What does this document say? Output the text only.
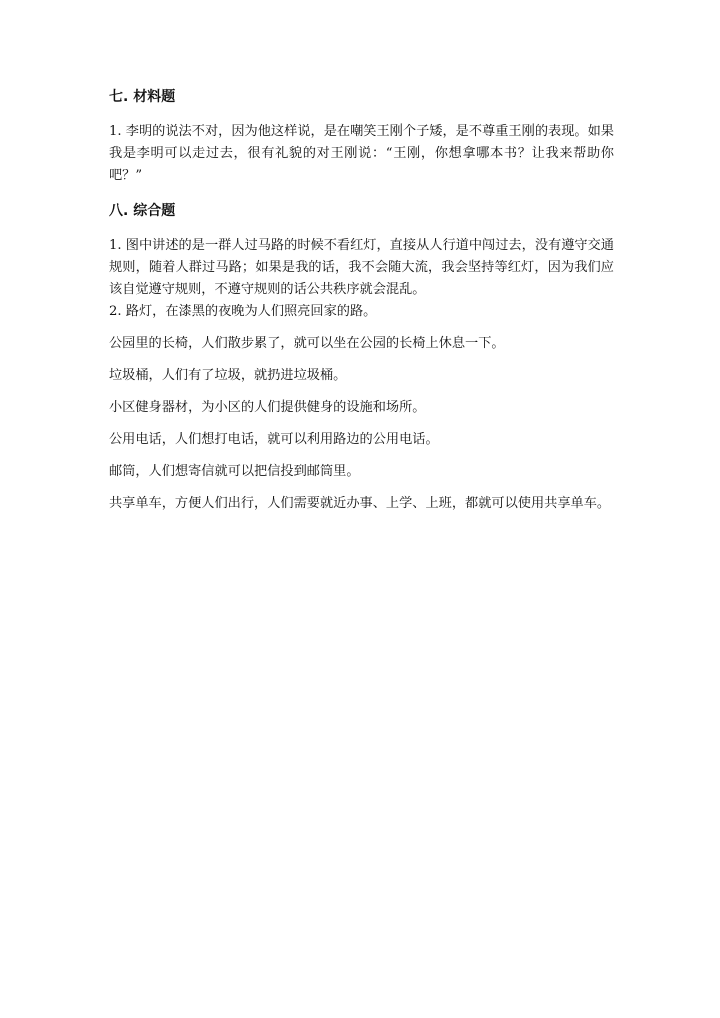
七. 材料题

1. 李明的说法不对，因为他这样说，是在嘲笑王刚个子矮，是不尊重王刚的表现。如果我是李明可以走过去，很有礼貌的对王刚说：“王刚，你想拿哪本书？让我来帮助你吧？”

八. 综合题

1. 图中讲述的是一群人过马路的时候不看红灯，直接从人行道中闯过去，没有遵守交通规则，随着人群过马路；如果是我的话，我不会随大流，我会坚持等红灯，因为我们应该自觉遵守规则，不遵守规则的话公共秩序就会混乱。

2. 路灯，在漆黑的夜晚为人们照亮回家的路。

公园里的长椅，人们散步累了，就可以坐在公园的长椅上休息一下。

垃圾桶，人们有了垃圾，就扔进垃圾桶。

小区健身器材，为小区的人们提供健身的设施和场所。

公用电话，人们想打电话，就可以利用路边的公用电话。

邮筒，人们想寄信就可以把信投到邮筒里。

共享单车，方便人们出行，人们需要就近办事、上学、上班，都就可以使用共享单车。
